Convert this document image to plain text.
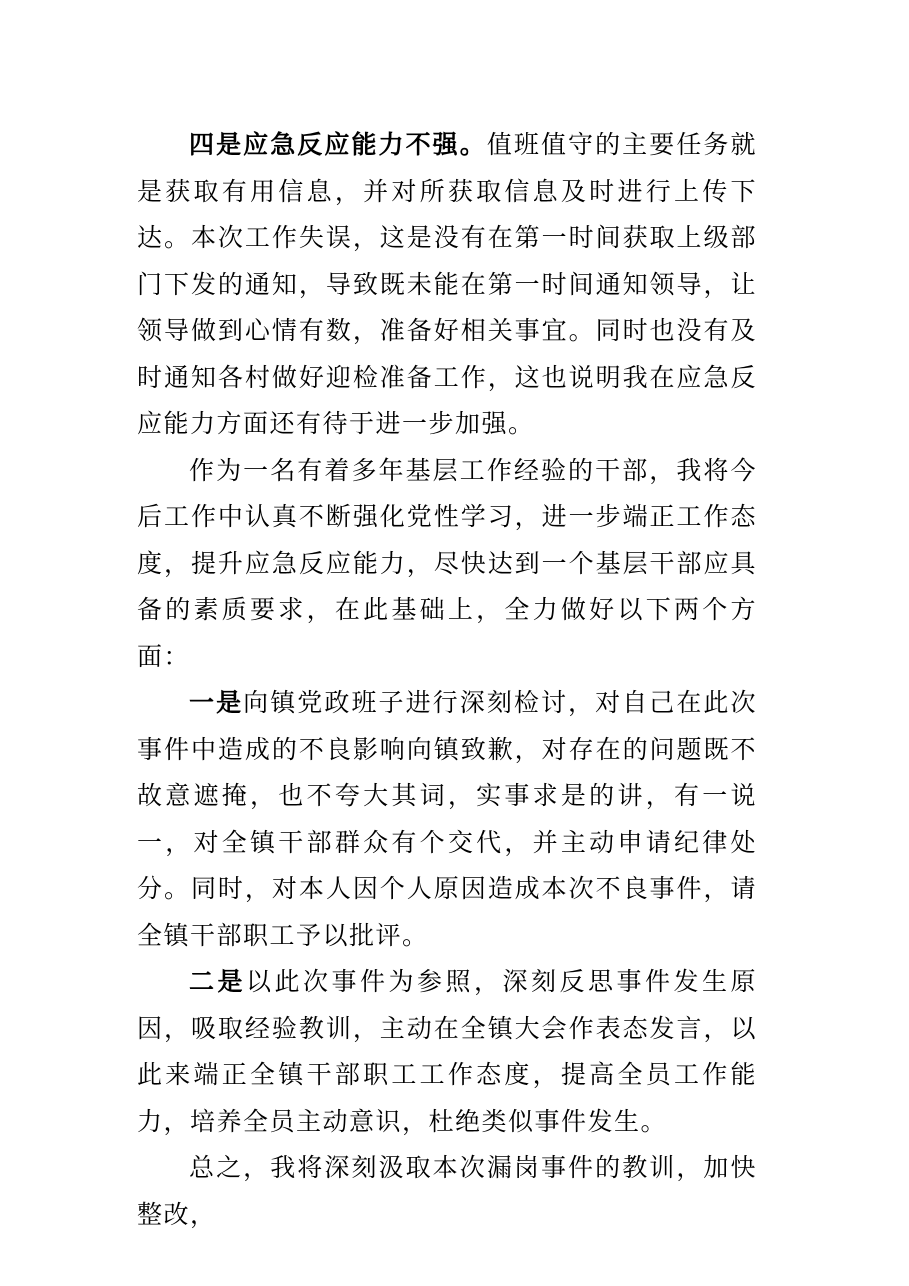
四是应急反应能力不强。值班值守的主要任务就是获取有用信息，并对所获取信息及时进行上传下达。本次工作失误，这是没有在第一时间获取上级部门下发的通知，导致既未能在第一时间通知领导，让领导做到心情有数，准备好相关事宜。同时也没有及时通知各村做好迎检准备工作，这也说明我在应急反应能力方面还有待于进一步加强。

作为一名有着多年基层工作经验的干部，我将今后工作中认真不断强化党性学习，进一步端正工作态度，提升应急反应能力，尽快达到一个基层干部应具备的素质要求，在此基础上，全力做好以下两个方面：

一是向镇党政班子进行深刻检讨，对自己在此次事件中造成的不良影响向镇致歉，对存在的问题既不故意遮掩，也不夸大其词，实事求是的讲，有一说一，对全镇干部群众有个交代，并主动申请纪律处分。同时，对本人因个人原因造成本次不良事件，请全镇干部职工予以批评。

二是以此次事件为参照，深刻反思事件发生原因，吸取经验教训，主动在全镇大会作表态发言，以此来端正全镇干部职工工作态度，提高全员工作能力，培养全员主动意识，杜绝类似事件发生。

总之，我将深刻汲取本次漏岗事件的教训，加快整改，
